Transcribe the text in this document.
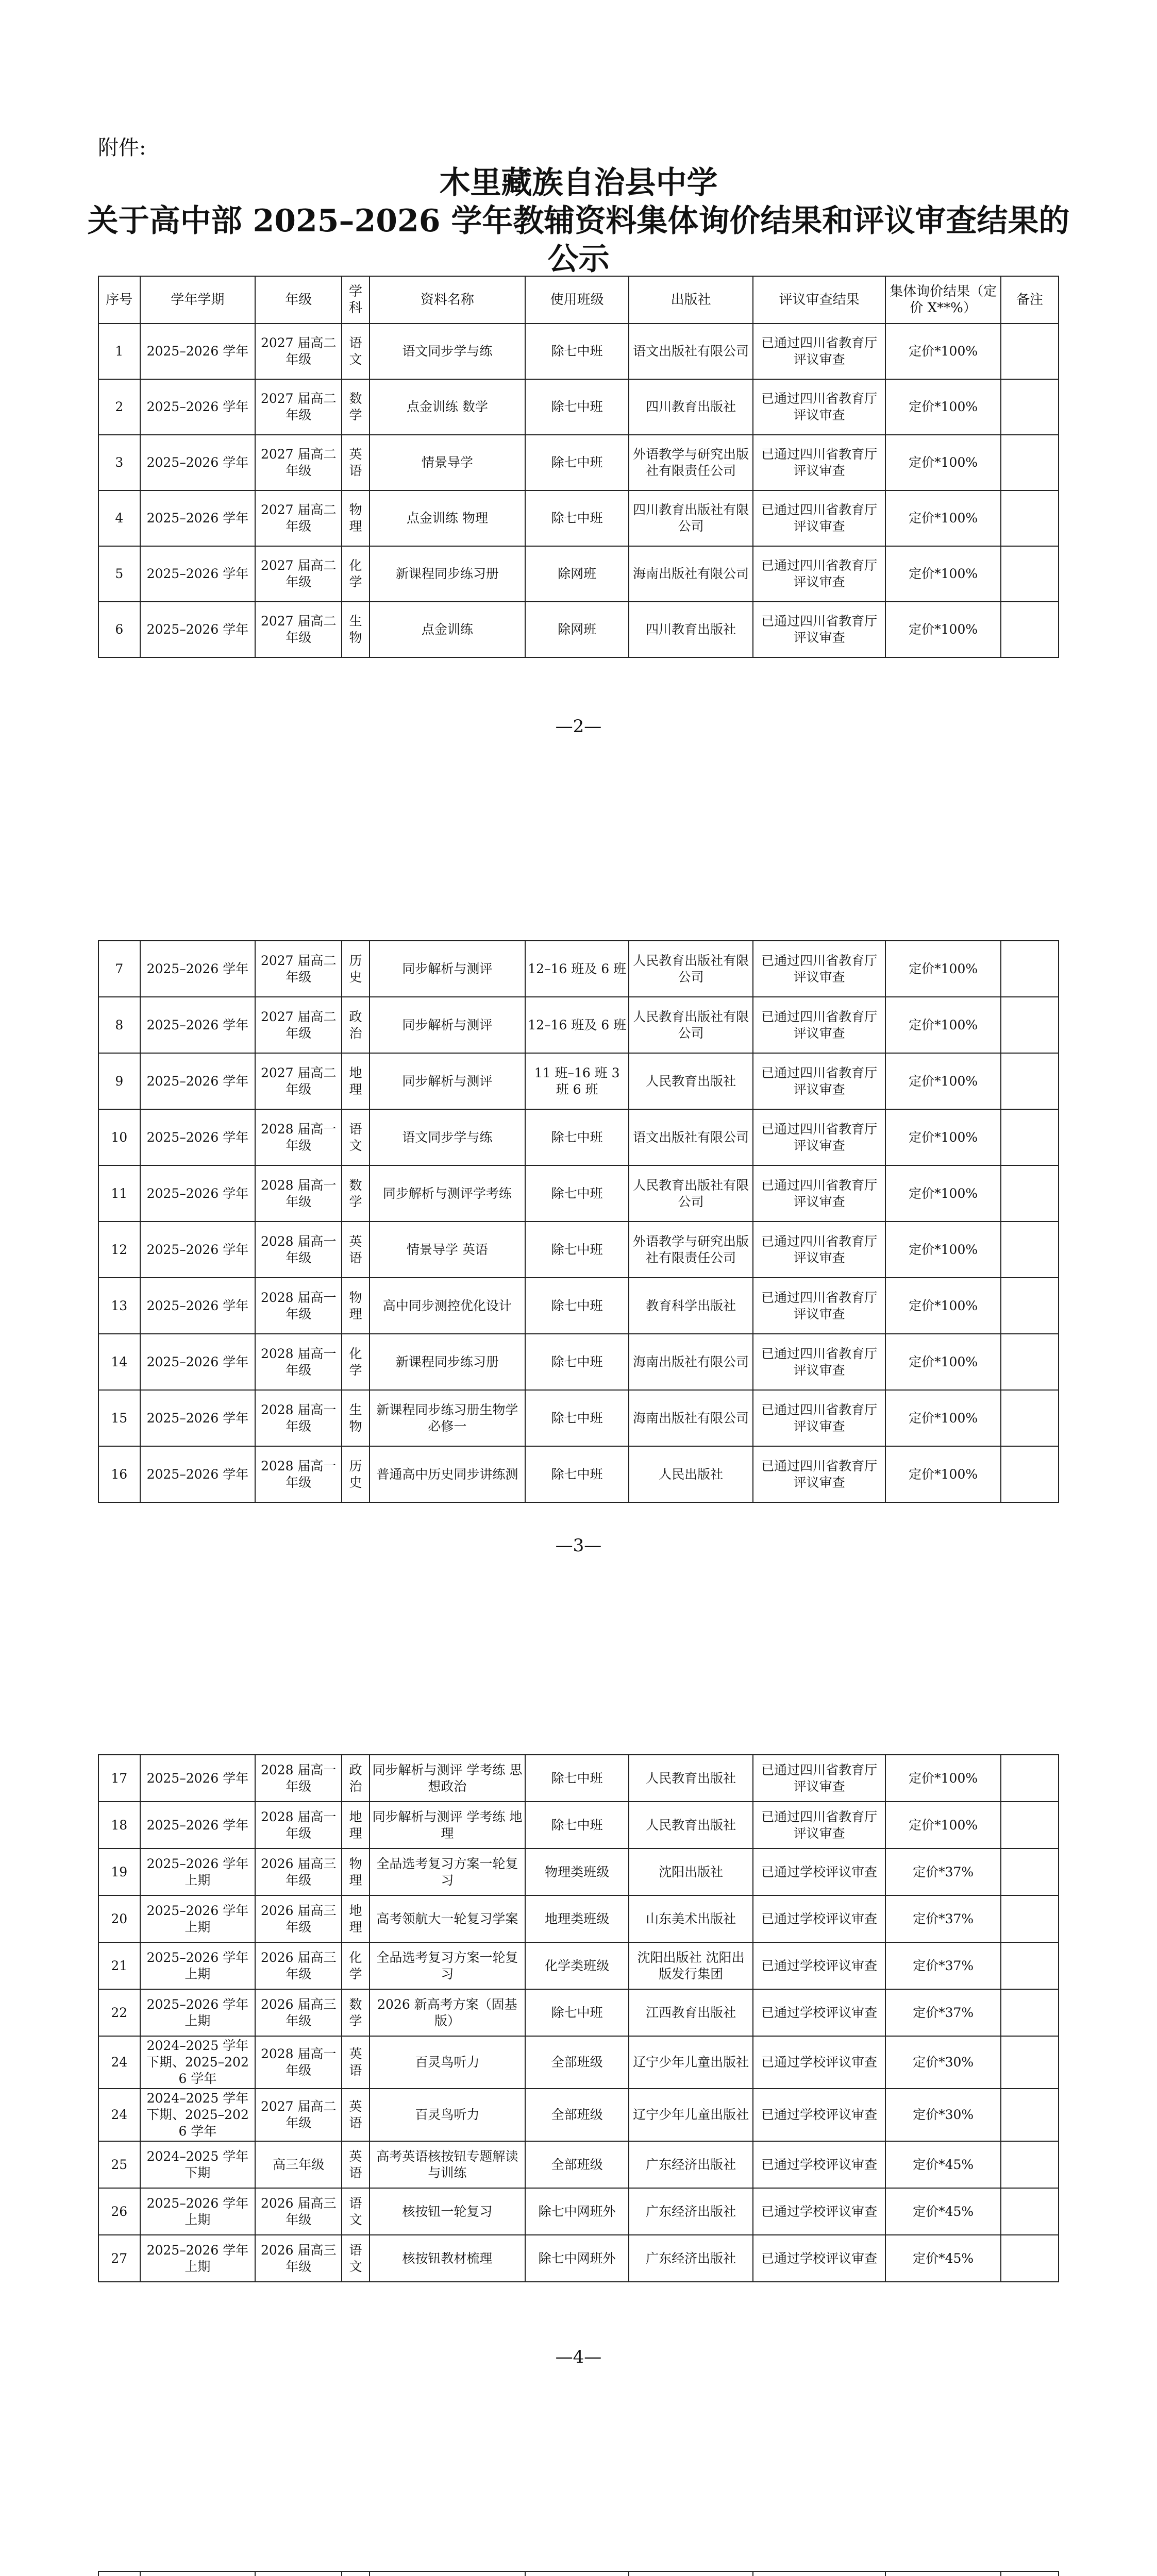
附件:
木里藏族自治县中学
关于高中部 2025–2026 学年教辅资料集体询价结果和评议审查结果的
公示
序号	学年学期	年级	学科	资料名称	使用班级	出版社	评议审查结果	集体询价结果（定价 X**%）	备注
1	2025–2026 学年	2027 届高二年级	语文	语文同步学与练	除七中班	语文出版社有限公司	已通过四川省教育厅评议审查	定价*100%	
2	2025–2026 学年	2027 届高二年级	数学	点金训练 数学	除七中班	四川教育出版社	已通过四川省教育厅评议审查	定价*100%	
3	2025–2026 学年	2027 届高二年级	英语	情景导学	除七中班	外语教学与研究出版社有限责任公司	已通过四川省教育厅评议审查	定价*100%	
4	2025–2026 学年	2027 届高二年级	物理	点金训练 物理	除七中班	四川教育出版社有限公司	已通过四川省教育厅评议审查	定价*100%	
5	2025–2026 学年	2027 届高二年级	化学	新课程同步练习册	除网班	海南出版社有限公司	已通过四川省教育厅评议审查	定价*100%	
6	2025–2026 学年	2027 届高二年级	生物	点金训练	除网班	四川教育出版社	已通过四川省教育厅评议审查	定价*100%	
—2—
7	2025–2026 学年	2027 届高二年级	历史	同步解析与测评	12–16 班及 6 班	人民教育出版社有限公司	已通过四川省教育厅评议审查	定价*100%	
8	2025–2026 学年	2027 届高二年级	政治	同步解析与测评	12–16 班及 6 班	人民教育出版社有限公司	已通过四川省教育厅评议审查	定价*100%	
9	2025–2026 学年	2027 届高二年级	地理	同步解析与测评	11 班–16 班 3 班 6 班	人民教育出版社	已通过四川省教育厅评议审查	定价*100%	
10	2025–2026 学年	2028 届高一年级	语文	语文同步学与练	除七中班	语文出版社有限公司	已通过四川省教育厅评议审查	定价*100%	
11	2025–2026 学年	2028 届高一年级	数学	同步解析与测评学考练	除七中班	人民教育出版社有限公司	已通过四川省教育厅评议审查	定价*100%	
12	2025–2026 学年	2028 届高一年级	英语	情景导学 英语	除七中班	外语教学与研究出版社有限责任公司	已通过四川省教育厅评议审查	定价*100%	
13	2025–2026 学年	2028 届高一年级	物理	高中同步测控优化设计	除七中班	教育科学出版社	已通过四川省教育厅评议审查	定价*100%	
14	2025–2026 学年	2028 届高一年级	化学	新课程同步练习册	除七中班	海南出版社有限公司	已通过四川省教育厅评议审查	定价*100%	
15	2025–2026 学年	2028 届高一年级	生物	新课程同步练习册生物学必修一	除七中班	海南出版社有限公司	已通过四川省教育厅评议审查	定价*100%	
16	2025–2026 学年	2028 届高一年级	历史	普通高中历史同步讲练测	除七中班	人民出版社	已通过四川省教育厅评议审查	定价*100%	
—3—
17	2025–2026 学年	2028 届高一年级	政治	同步解析与测评 学考练 思想政治	除七中班	人民教育出版社	已通过四川省教育厅评议审查	定价*100%	
18	2025–2026 学年	2028 届高一年级	地理	同步解析与测评 学考练 地理	除七中班	人民教育出版社	已通过四川省教育厅评议审查	定价*100%	
19	2025–2026 学年上期	2026 届高三年级	物理	全品选考复习方案一轮复习	物理类班级	沈阳出版社	已通过学校评议审查	定价*37%	
20	2025–2026 学年上期	2026 届高三年级	地理	高考领航大一轮复习学案	地理类班级	山东美术出版社	已通过学校评议审查	定价*37%	
21	2025–2026 学年上期	2026 届高三年级	化学	全品选考复习方案一轮复习	化学类班级	沈阳出版社 沈阳出版发行集团	已通过学校评议审查	定价*37%	
22	2025–2026 学年上期	2026 届高三年级	数学	2026 新高考方案（固基版）	除七中班	江西教育出版社	已通过学校评议审查	定价*37%	
24	2024–2025 学年下期、2025–2026 学年	2028 届高一年级	英语	百灵鸟听力	全部班级	辽宁少年儿童出版社	已通过学校评议审查	定价*30%	
24	2024–2025 学年下期、2025–2026 学年	2027 届高二年级	英语	百灵鸟听力	全部班级	辽宁少年儿童出版社	已通过学校评议审查	定价*30%	
25	2024–2025 学年下期	高三年级	英语	高考英语核按钮专题解读与训练	全部班级	广东经济出版社	已通过学校评议审查	定价*45%	
26	2025–2026 学年上期	2026 届高三年级	语文	核按钮一轮复习	除七中网班外	广东经济出版社	已通过学校评议审查	定价*45%	
27	2025–2026 学年上期	2026 届高三年级	语文	核按钮教材梳理	除七中网班外	广东经济出版社	已通过学校评议审查	定价*45%	
—4—
